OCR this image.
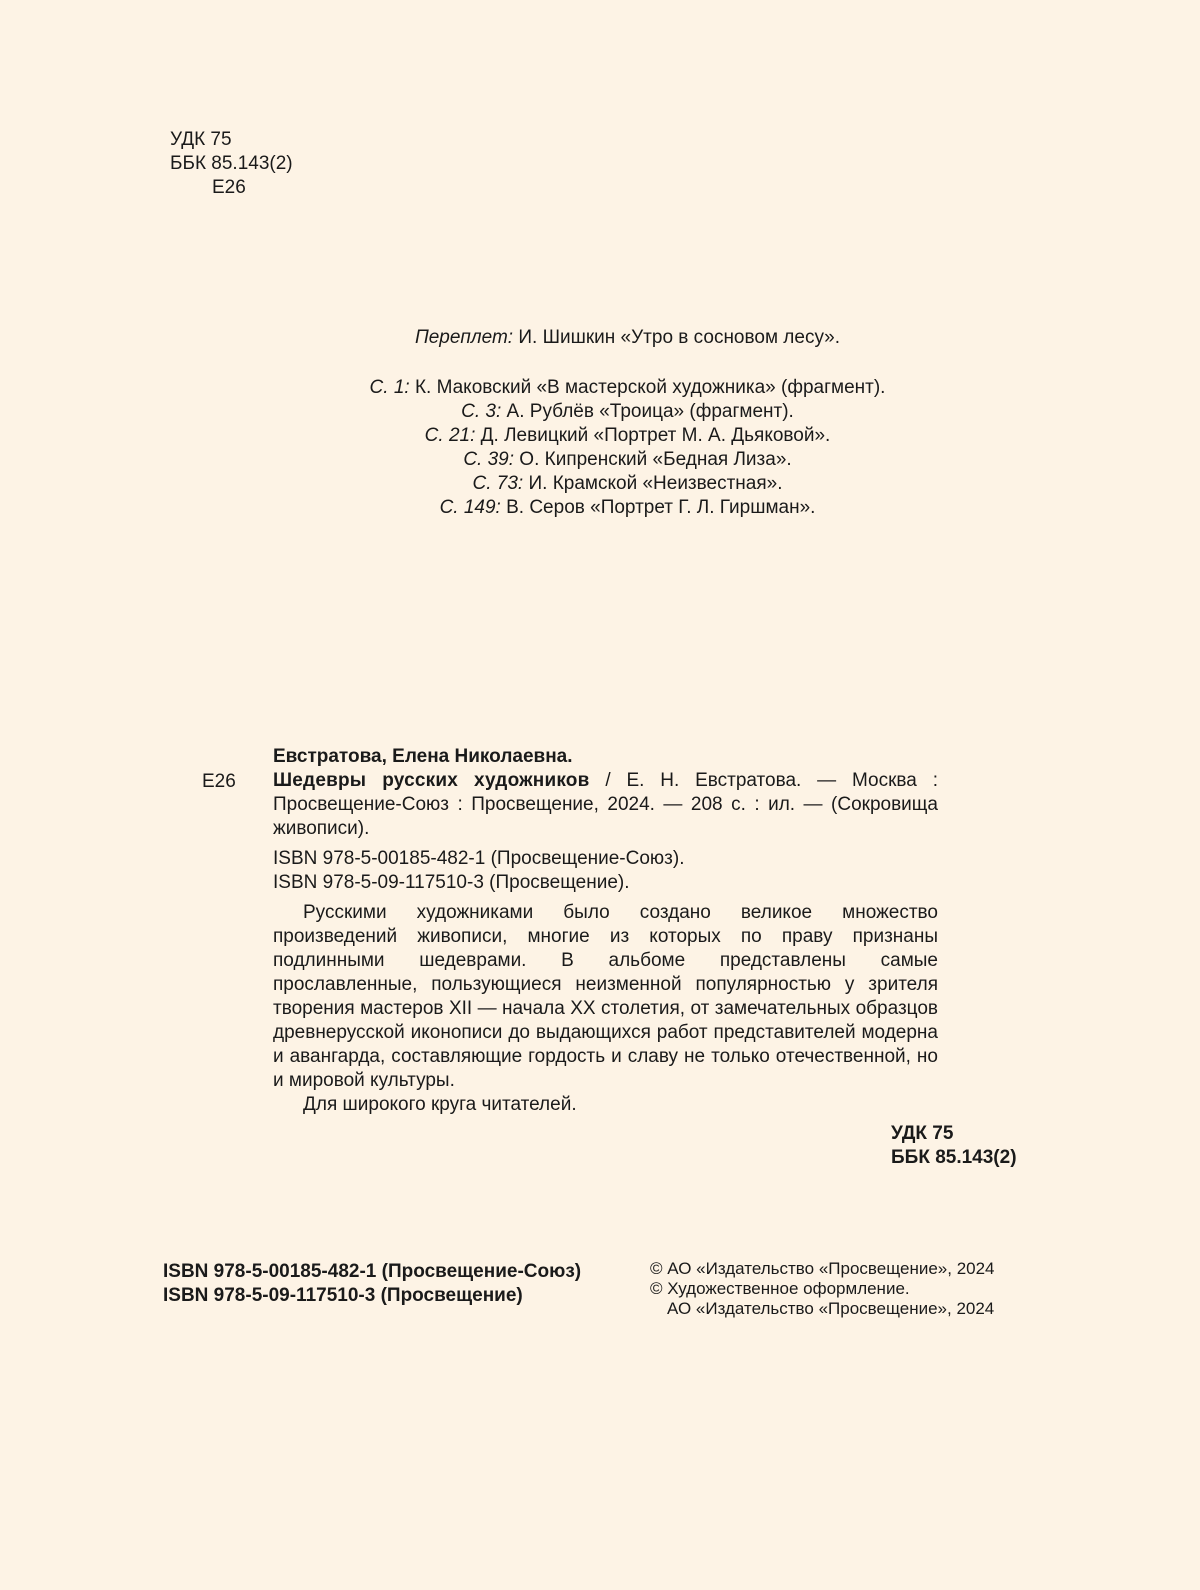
УДК 75
ББК 85.143(2)
Е26
Переплет: И. Шишкин «Утро в сосновом лесу».
С. 1: К. Маковский «В мастерской художника» (фрагмент).
С. 3: А. Рублёв «Троица» (фрагмент).
С. 21: Д. Левицкий «Портрет М. А. Дьяковой».
С. 39: О. Кипренский «Бедная Лиза».
С. 73: И. Крамской «Неизвестная».
С. 149: В. Серов «Портрет Г. Л. Гиршман».
Е26
Евстратова, Елена Николаевна.
Шедевры русских художников / Е. Н. Евстратова. — Москва : Просвещение-Союз : Просвещение, 2024. — 208 с. : ил. — (Сокровища живописи).
ISBN 978-5-00185-482-1 (Просвещение-Союз).
ISBN 978-5-09-117510-3 (Просвещение).
Русскими художниками было создано великое множество произведений живописи, многие из которых по праву признаны подлинными шедеврами. В альбоме представлены самые прославленные, пользующиеся неизменной популярностью у зрителя творения мастеров XII — начала XX столетия, от замечательных образцов древнерусской иконописи до выдающихся работ представителей модерна и авангарда, составляющие гордость и славу не только отечественной, но и мировой культуры.
Для широкого круга читателей.
УДК 75
ББК 85.143(2)
ISBN 978-5-00185-482-1 (Просвещение-Союз)
ISBN 978-5-09-117510-3 (Просвещение)
© АО «Издательство «Просвещение», 2024
© Художественное оформление.
АО «Издательство «Просвещение», 2024
